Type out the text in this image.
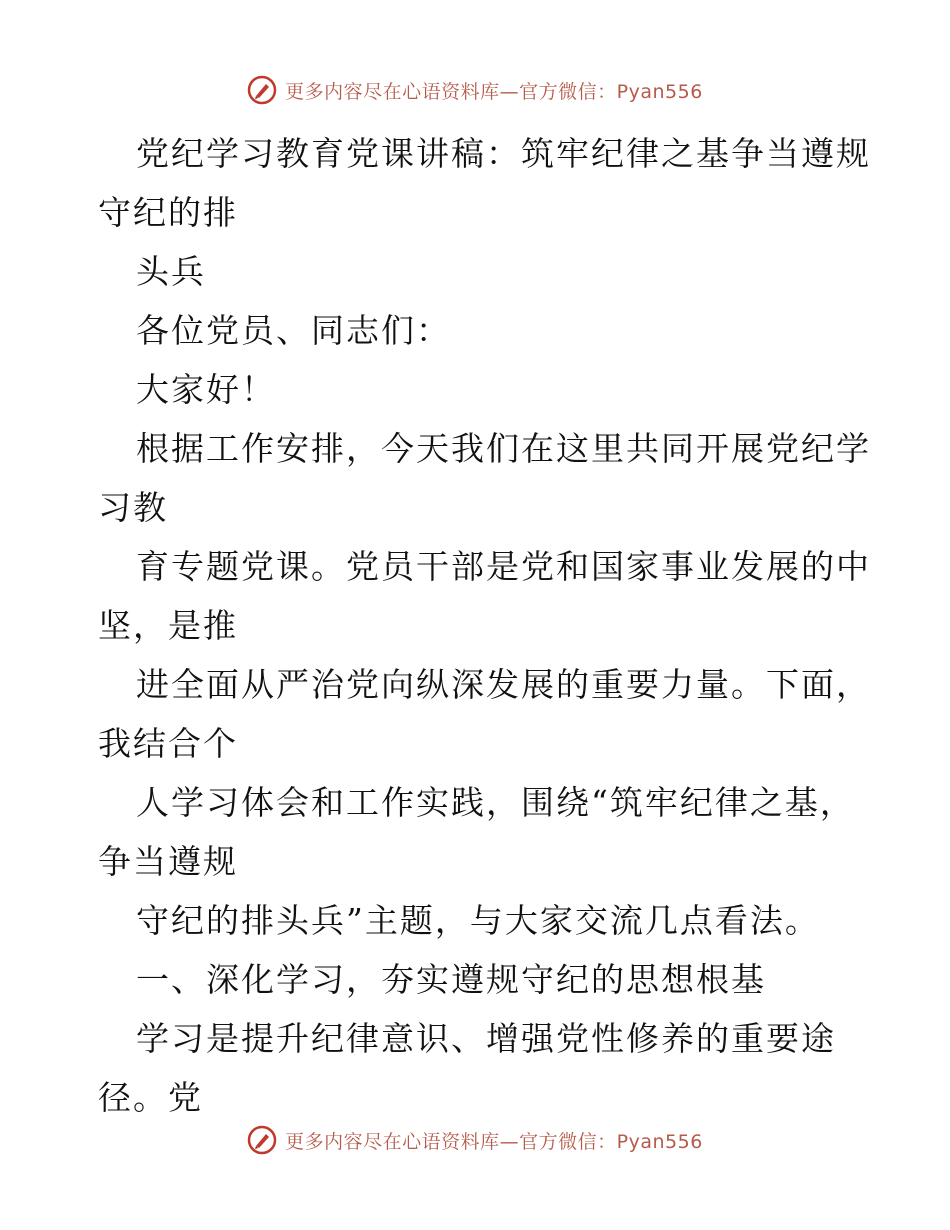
更多内容尽在心语资料库—官方微信：Pyan556
党纪学习教育党课讲稿：筑牢纪律之基争当遵规
守纪的排
头兵
各位党员、同志们：
大家好！
根据工作安排，今天我们在这里共同开展党纪学
习教
育专题党课。党员干部是党和国家事业发展的中
坚，是推
进全面从严治党向纵深发展的重要力量。下面，
我结合个
人学习体会和工作实践，围绕“筑牢纪律之基，
争当遵规
守纪的排头兵”主题，与大家交流几点看法。
一、深化学习，夯实遵规守纪的思想根基
学习是提升纪律意识、增强党性修养的重要途
径。党
更多内容尽在心语资料库—官方微信：Pyan556
